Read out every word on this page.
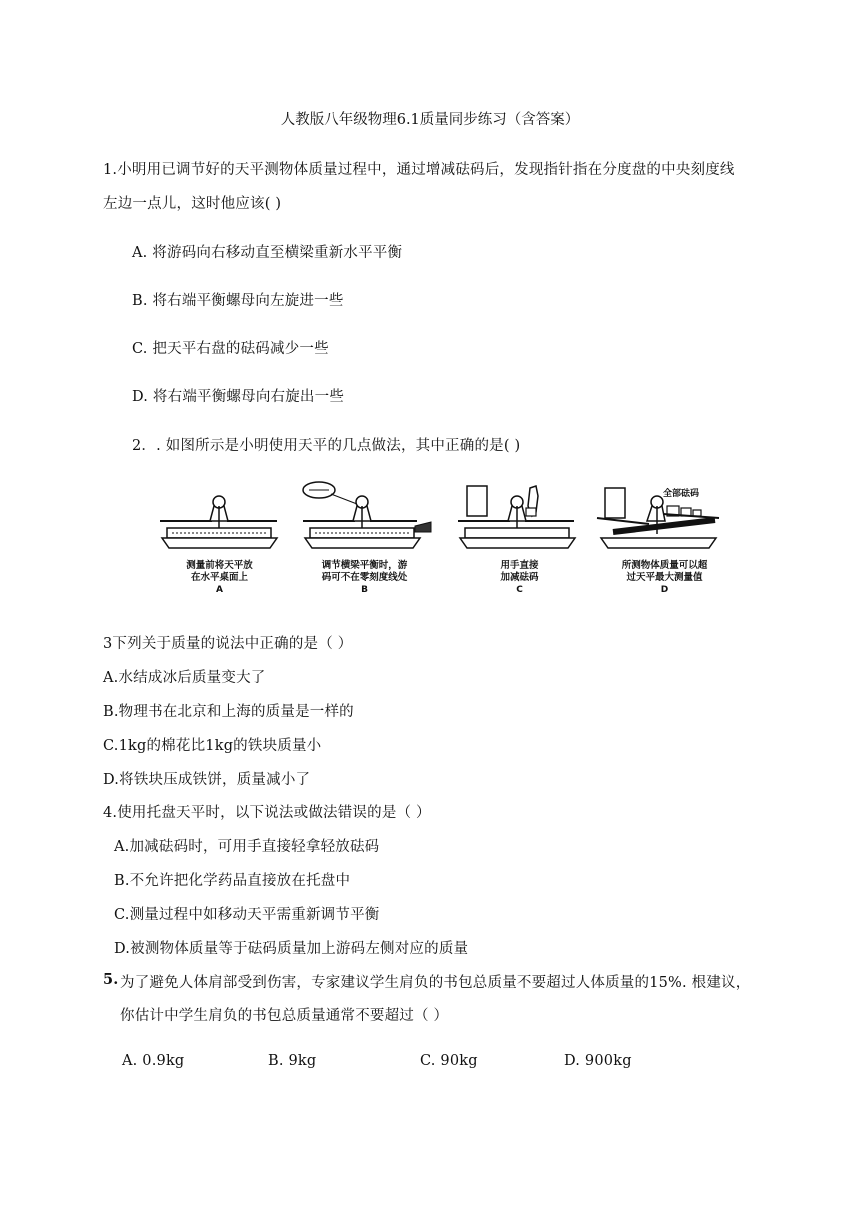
人教版八年级物理6.1质量同步练习（含答案）
1.小明用已调节好的天平测物体质量过程中，通过增减砝码后，发现指针指在分度盘的中央刻度线
左边一点儿，这时他应该( )
A. 将游码向右移动直至横梁重新水平平衡
B. 将右端平衡螺母向左旋进一些
C. 把天平右盘的砝码减少一些
D. 将右端平衡螺母向右旋出一些
2．. 如图所示是小明使用天平的几点做法，其中正确的是( )
测量前将天平放
在水平桌面上
A
调节横梁平衡时，游
码可不在零刻度线处
B
用手直接
加减砝码
C
全部砝码
所测物体质量可以超
过天平最大测量值
D
3下列关于质量的说法中正确的是（ ）
A.水结成冰后质量变大了
B.物理书在北京和上海的质量是一样的
C.1kg的棉花比1kg的铁块质量小
D.将铁块压成铁饼，质量减小了
4.使用托盘天平时，以下说法或做法错误的是（ ）
A.加减砝码时，可用手直接轻拿轻放砝码
B.不允许把化学药品直接放在托盘中
C.测量过程中如移动天平需重新调节平衡
D.被测物体质量等于砝码质量加上游码左侧对应的质量
5. 为了避免人体肩部受到伤害，专家建议学生肩负的书包总质量不要超过人体质量的15%. 根建议，
你估计中学生肩负的书包总质量通常不要超过（ ）
A. 0.9kg	B. 9kg	C. 90kg	D. 900kg
